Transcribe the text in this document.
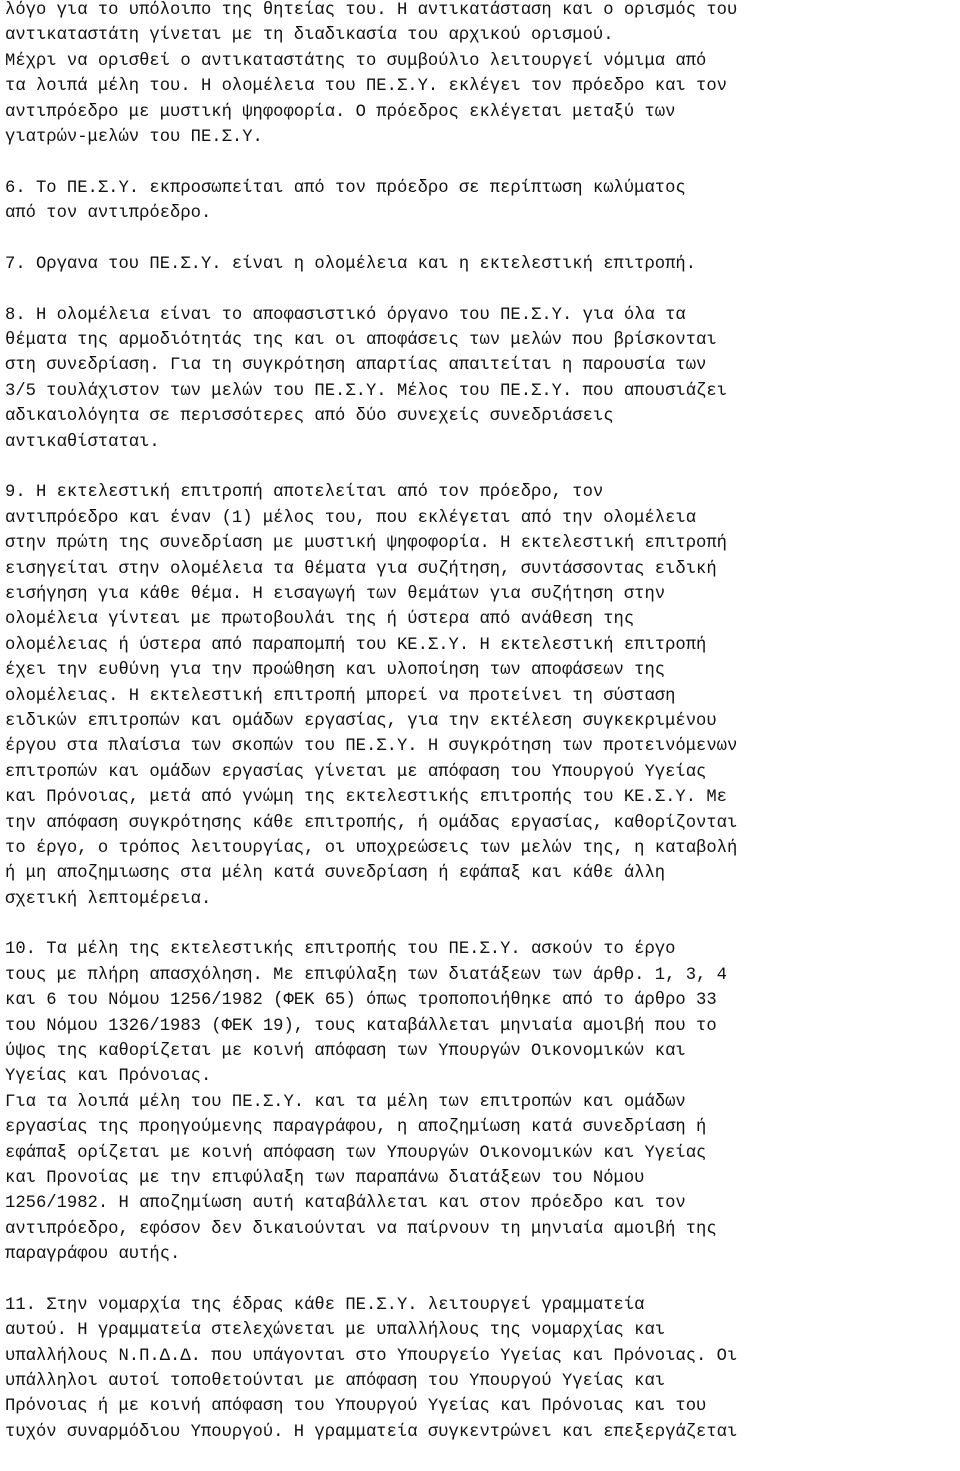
λόγο για το υπόλοιπο της θητείας του. Η αντικατάσταση και ο ορισμός του
αντικαταστάτη γίνεται με τη διαδικασία του αρχικού ορισμού.
Μέχρι να ορισθεί ο αντικαταστάτης το συμβούλιο λειτουργεί νόμιμα από
τα λοιπά μέλη του. Η ολομέλεια του ΠΕ.Σ.Υ. εκλέγει τον πρόεδρο και τον
αντιπρόεδρο με μυστική ψηφοφορία. Ο πρόεδρος εκλέγεται μεταξύ των
γιατρών-μελών του ΠΕ.Σ.Υ.
6. Το ΠΕ.Σ.Υ. εκπροσωπείται από τον πρόεδρο σε περίπτωση κωλύματος
από τον αντιπρόεδρο.
7. Οργανα του ΠΕ.Σ.Υ. είναι η ολομέλεια και η εκτελεστική επιτροπή.
8. Η ολομέλεια είναι το αποφασιστικό όργανο του ΠΕ.Σ.Υ. για όλα τα
θέματα της αρμοδιότητάς της και οι αποφάσεις των μελών που βρίσκονται
στη συνεδρίαση. Για τη συγκρότηση απαρτίας απαιτείται η παρουσία των
3/5 τουλάχιστον των μελών του ΠΕ.Σ.Υ. Μέλος του ΠΕ.Σ.Υ. που απουσιάζει
αδικαιολόγητα σε περισσότερες από δύο συνεχείς συνεδριάσεις
αντικαθίσταται.
9. Η εκτελεστική επιτροπή αποτελείται από τον πρόεδρο, τον
αντιπρόεδρο και έναν (1) μέλος του, που εκλέγεται από την ολομέλεια
στην πρώτη της συνεδρίαση με μυστική ψηφοφορία. Η εκτελεστική επιτροπή
εισηγείται στην ολομέλεια τα θέματα για συζήτηση, συντάσσοντας ειδική
εισήγηση για κάθε θέμα. Η εισαγωγή των θεμάτων για συζήτηση στην
ολομέλεια γίντεαι με πρωτοβουλάι της ή ύστερα από ανάθεση της
ολομέλειας ή ύστερα από παραπομπή του ΚΕ.Σ.Υ. Η εκτελεστική επιτροπή
έχει την ευθύνη για την προώθηση και υλοποίηση των αποφάσεων της
ολομέλειας. Η εκτελεστική επιτροπή μπορεί να προτείνει τη σύσταση
ειδικών επιτροπών και ομάδων εργασίας, για την εκτέλεση συγκεκριμένου
έργου στα πλαίσια των σκοπών του ΠΕ.Σ.Υ. Η συγκρότηση των προτεινόμενων
επιτροπών και ομάδων εργασίας γίνεται με απόφαση του Υπουργού Υγείας
και Πρόνοιας, μετά από γνώμη της εκτελεστικής επιτροπής του ΚΕ.Σ.Υ. Με
την απόφαση συγκρότησης κάθε επιτροπής, ή ομάδας εργασίας, καθορίζονται
το έργο, ο τρόπος λειτουργίας, οι υποχρεώσεις των μελών της, η καταβολή
ή μη αποζημιωσης στα μέλη κατά συνεδρίαση ή εφάπαξ και κάθε άλλη
σχετική λεπτομέρεια.
10. Τα μέλη της εκτελεστικής επιτροπής του ΠΕ.Σ.Υ. ασκούν το έργο
τους με πλήρη απασχόληση. Με επιφύλαξη των διατάξεων των άρθρ. 1, 3, 4
και 6 του Νόμου 1256/1982 (ΦΕΚ 65) όπως τροποποιήθηκε από το άρθρο 33
του Νόμου 1326/1983 (ΦΕΚ 19), τους καταβάλλεται μηνιαία αμοιβή που το
ύψος της καθορίζεται με κοινή απόφαση των Υπουργών Οικονομικών και
Υγείας και Πρόνοιας.
Για τα λοιπά μέλη του ΠΕ.Σ.Υ. και τα μέλη των επιτροπών και ομάδων
εργασίας της προηγούμενης παραγράφου, η αποζημίωση κατά συνεδρίαση ή
εφάπαξ ορίζεται με κοινή απόφαση των Υπουργών Οικονομικών και Υγείας
και Προνοίας με την επιφύλαξη των παραπάνω διατάξεων του Νόμου
1256/1982. Η αποζημίωση αυτή καταβάλλεται και στον πρόεδρο και τον
αντιπρόεδρο, εφόσον δεν δικαιούνται να παίρνουν τη μηνιαία αμοιβή της
παραγράφου αυτής.
11. Στην νομαρχία της έδρας κάθε ΠΕ.Σ.Υ. λειτουργεί γραμματεία
αυτού. Η γραμματεία στελεχώνεται με υπαλλήλους της νομαρχίας και
υπαλλήλους Ν.Π.Δ.Δ. που υπάγονται στο Υπουργείο Υγείας και Πρόνοιας. Οι
υπάλληλοι αυτοί τοποθετούνται με απόφαση του Υπουργού Υγείας και
Πρόνοιας ή με κοινή απόφαση του Υπουργού Υγείας και Πρόνοιας και του
τυχόν συναρμόδιου Υπουργού. Η γραμματεία συγκεντρώνει και επεξεργάζεται
